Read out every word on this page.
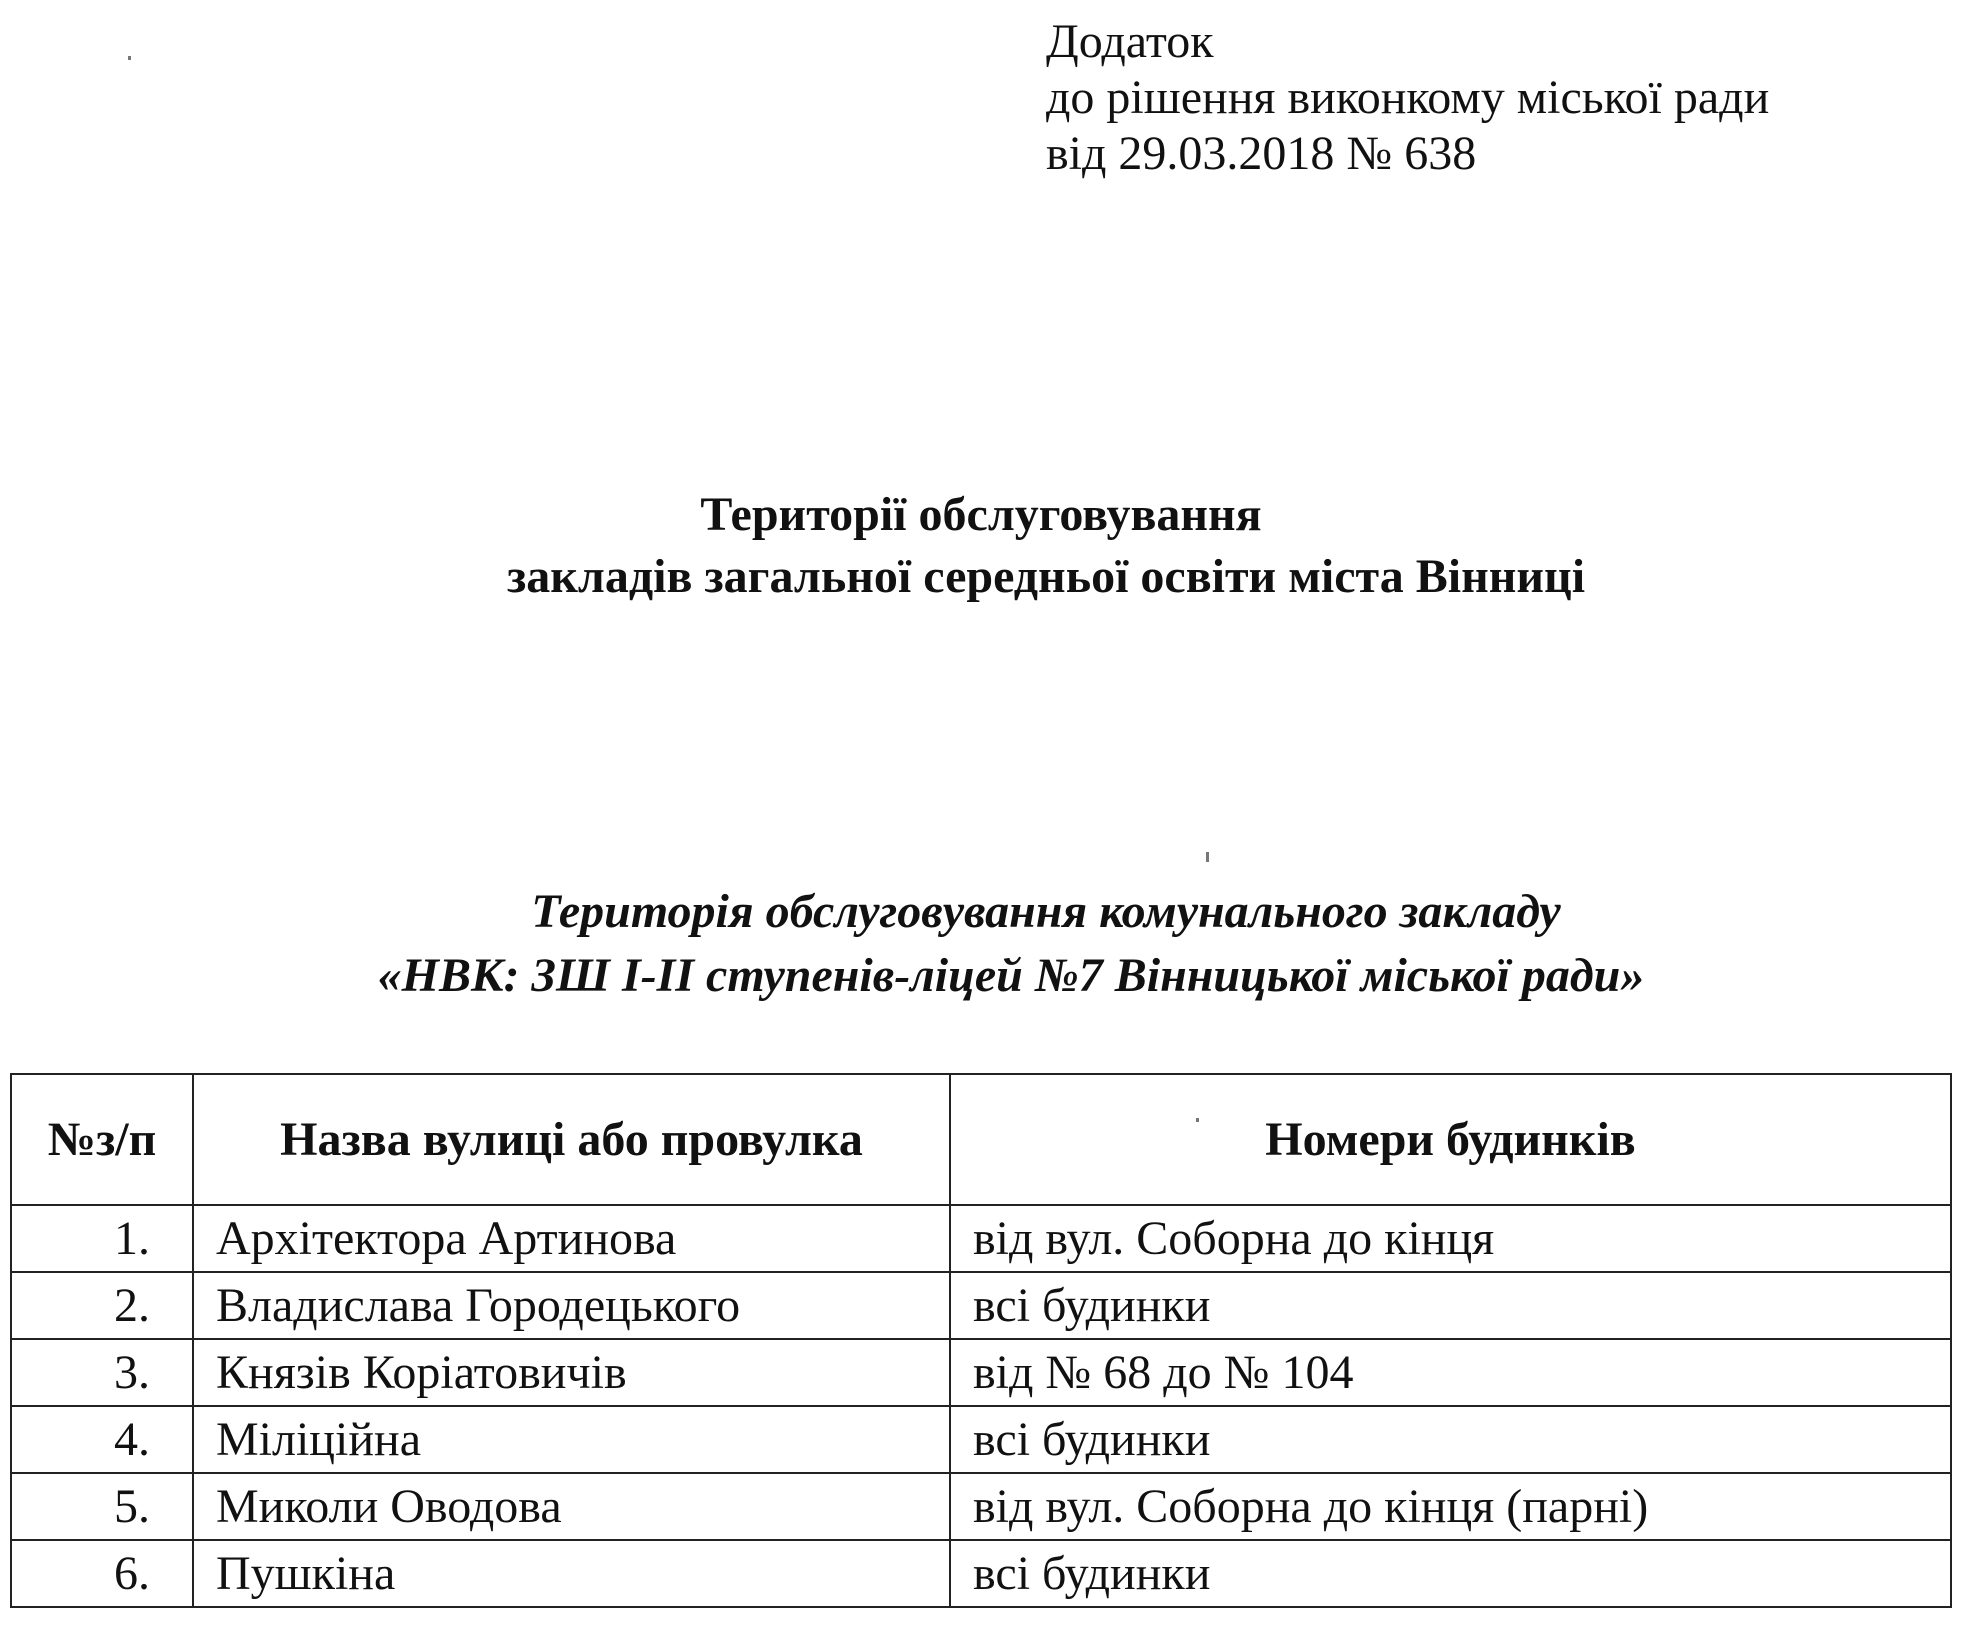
Додаток
до рішення виконкому міської ради
від 29.03.2018 № 638
Території обслуговування
закладів загальної середньої освіти міста Вінниці
Територія обслуговування комунального закладу
«НВК: ЗШ І-ІІ ступенів-ліцей №7 Вінницької міської ради»
№з/п	Назва вулиці або провулка	Номери будинків
1.	Архітектора Артинова	від вул. Соборна до кінця
2.	Владислава Городецького	всі будинки
3.	Князів Коріатовичів	від № 68 до № 104
4.	Міліційна	всі будинки
5.	Миколи Оводова	від вул. Соборна до кінця (парні)
6.	Пушкіна	всі будинки
